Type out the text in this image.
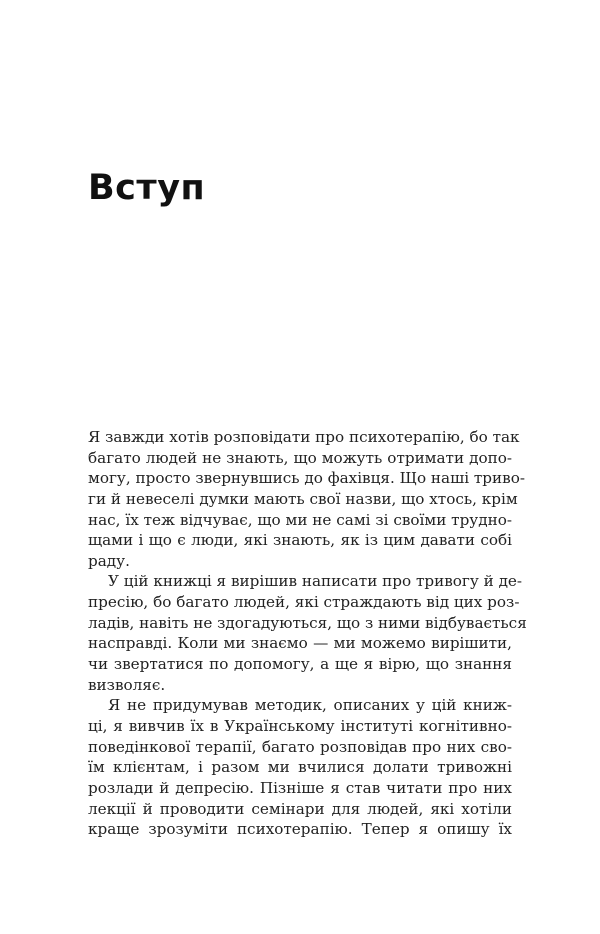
Вступ
Я завжди хотів розповідати про психотерапію, бо так
багато людей не знають, що можуть отримати допо-
могу, просто звернувшись до фахівця. Що наші триво-
ги й невеселі думки мають свої назви, що хтось, крім
нас, їх теж відчуває, що ми не самі зі своїми трудно-
щами і що є люди, які знають, як із цим давати собі
раду.
У цій книжці я вирішив написати про тривогу й де-
пресію, бо багато людей, які страждають від цих роз-
ладів, навіть не здогадуються, що з ними відбувається
насправді. Коли ми знаємо — ми можемо вирішити,
чи звертатися по допомогу, а ще я вірю, що знання
визволяє.
Я не придумував методик, описаних у цій книж-
ці, я вивчив їх в Українському інституті когнітивно-
поведінкової терапії, багато розповідав про них сво-
їм клієнтам, і разом ми вчилися долати тривожні
розлади й депресію. Пізніше я став читати про них
лекції й проводити семінари для людей, які хотіли
краще зрозуміти психотерапію. Тепер я опишу їх
